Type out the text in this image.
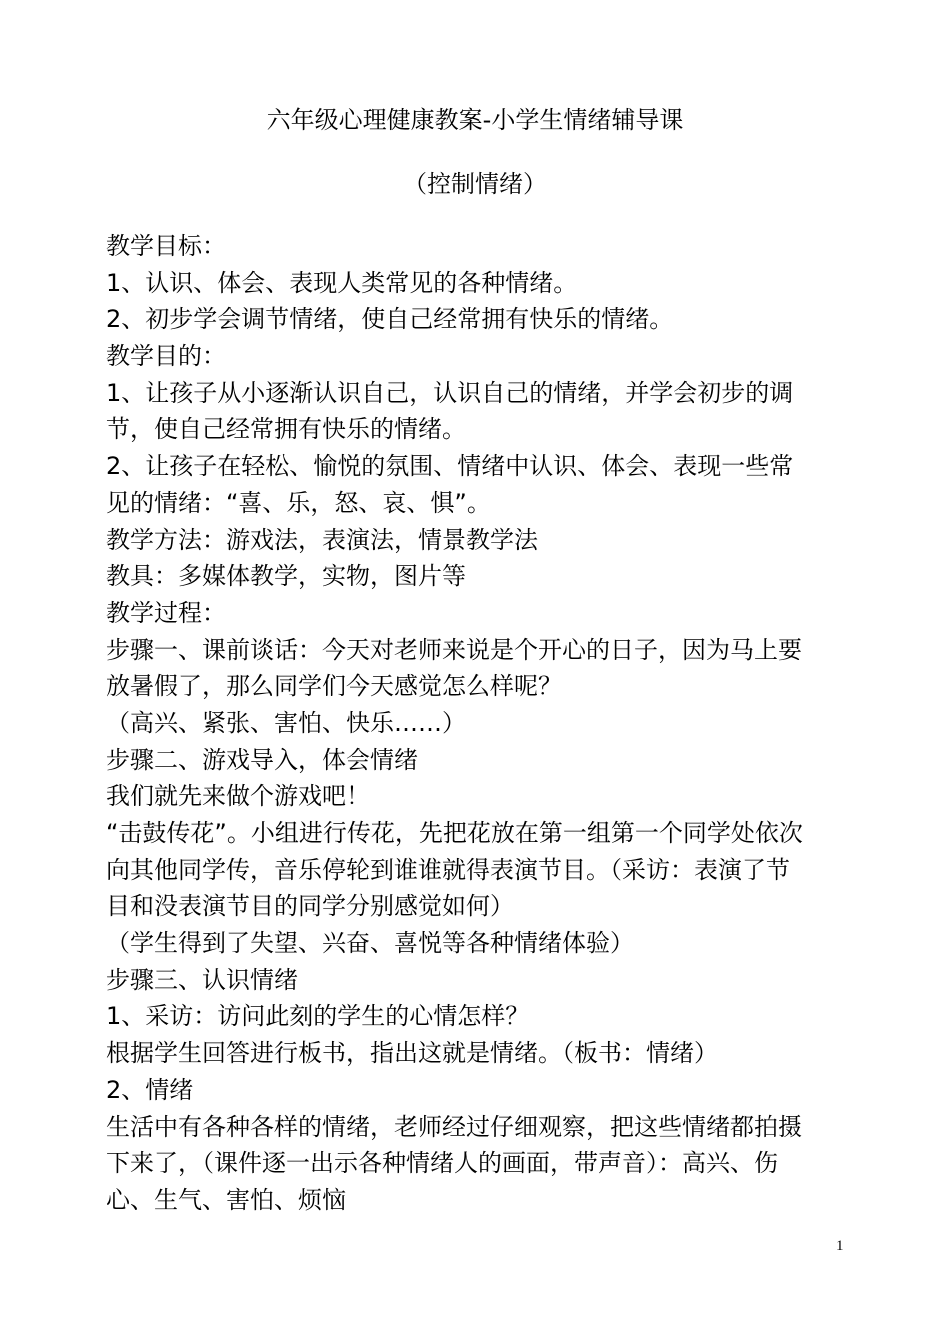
六年级心理健康教案-小学生情绪辅导课
（控制情绪）
教学目标：
1、认识、体会、表现人类常见的各种情绪。
2、初步学会调节情绪，使自己经常拥有快乐的情绪。
教学目的：
1、让孩子从小逐渐认识自己，认识自己的情绪，并学会初步的调
节，使自己经常拥有快乐的情绪。
2、让孩子在轻松、愉悦的氛围、情绪中认识、体会、表现一些常
见的情绪：“喜、乐，怒、哀、惧”。
教学方法：游戏法，表演法，情景教学法
教具：多媒体教学，实物，图片等
教学过程：
步骤一、课前谈话：今天对老师来说是个开心的日子，因为马上要
放暑假了，那么同学们今天感觉怎么样呢？
（高兴、紧张、害怕、快乐……）
步骤二、游戏导入，体会情绪
我们就先来做个游戏吧！
“击鼓传花”。小组进行传花，先把花放在第一组第一个同学处依次
向其他同学传，音乐停轮到谁谁就得表演节目。（采访：表演了节
目和没表演节目的同学分别感觉如何）
（学生得到了失望、兴奋、喜悦等各种情绪体验）
步骤三、认识情绪
1、采访：访问此刻的学生的心情怎样？
根据学生回答进行板书，指出这就是情绪。（板书：情绪）
2、情绪
生活中有各种各样的情绪，老师经过仔细观察，把这些情绪都拍摄
下来了，（课件逐一出示各种情绪人的画面，带声音）：高兴、伤
心、生气、害怕、烦恼
1
